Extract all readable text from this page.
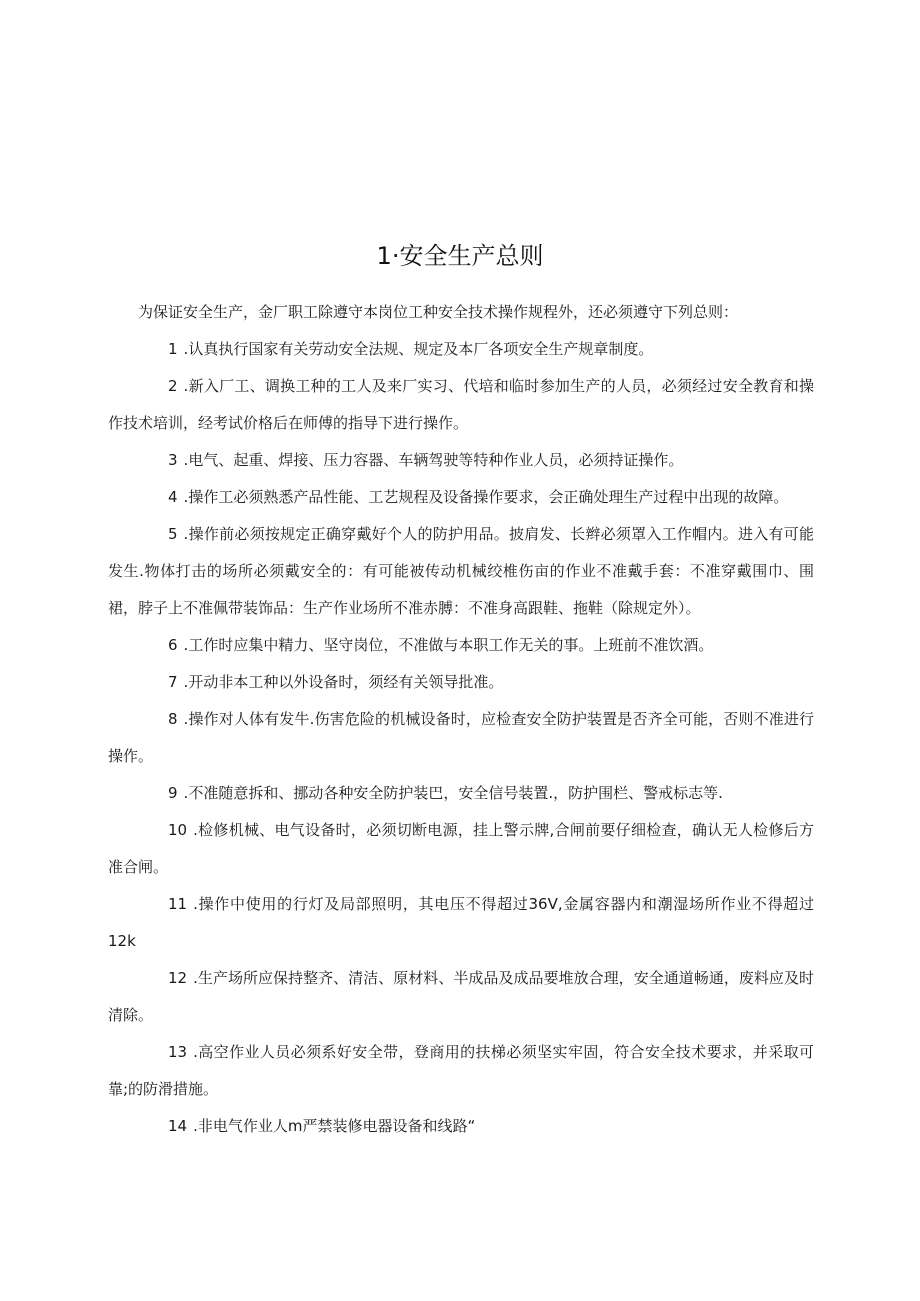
1·安全生产总则

为保证安全生产，金厂职工除遵守本岗位工种安全技术操作规程外，还必须遵守下列总则：

1 .认真执行国家有关劳动安全法规、规定及本厂各项安全生产规章制度。

2 .新入厂工、调换工种的工人及来厂实习、代培和临时参加生产的人员，必须经过安全教育和操作技术培训，经考试价格后在师傅的指导下进行操作。

3 .电气、起重、焊接、压力容器、车辆驾驶等特种作业人员，必须持证操作。

4 .操作工必须熟悉产品性能、工艺规程及设备操作要求，会正确处理生产过程中出现的故障。

5 .操作前必须按规定正确穿戴好个人的防护用品。披肩发、长辫必须罩入工作帽内。进入有可能发生.物体打击的场所必须戴安全的：有可能被传动机械绞椎伤亩的作业不准戴手套：不准穿戴围巾、围裙，脖子上不准佩带装饰品：生产作业场所不准赤膊：不准身高跟鞋、拖鞋（除规定外）。

6 .工作时应集中精力、坚守岗位，不准做与本职工作无关的事。上班前不准饮酒。

7 .开动非本工种以外设备时，须经有关领导批准。

8 .操作对人体有发牛.伤害危险的机械设备时，应检查安全防护装置是否齐全可能，否则不准进行操作。

9 .不准随意拆和、挪动各种安全防护装巴，安全信号装置.，防护围栏、警戒标志等.

10 .检修机械、电气设备时，必须切断电源，挂上警示牌,合闸前要仔细检查，确认无人检修后方准合闸。

11 .操作中使用的行灯及局部照明，其电压不得超过36V,金属容器内和潮湿场所作业不得超过12k

12 .生产场所应保持整齐、清洁、原材料、半成品及成品要堆放合理，安全通道畅通，废料应及时清除。

13 .高空作业人员必须系好安全带，登商用的扶梯必须坚实牢固，符合安全技术要求，并采取可靠;的防滑措施。

14 .非电气作业人m严禁装修电器设备和线路“
